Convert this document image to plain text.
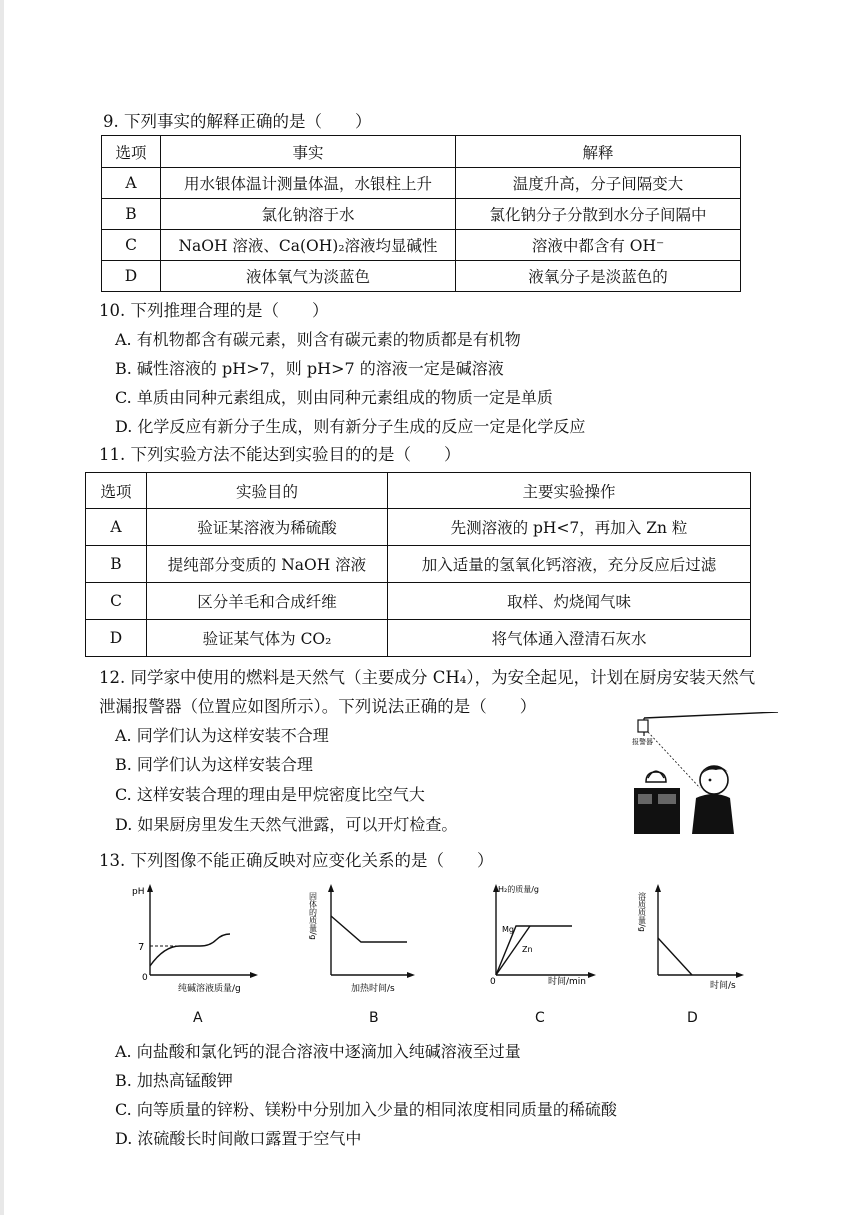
9. 下列事实的解释正确的是（　　）
选项	事实	解释
A	用水银体温计测量体温，水银柱上升	温度升高，分子间隔变大
B	氯化钠溶于水	氯化钠分子分散到水分子间隔中
C	NaOH 溶液、Ca(OH)₂溶液均显碱性	溶液中都含有 OH⁻
D	液体氧气为淡蓝色	液氧分子是淡蓝色的
10. 下列推理合理的是（　　）
A. 有机物都含有碳元素，则含有碳元素的物质都是有机物
B. 碱性溶液的 pH>7，则 pH>7 的溶液一定是碱溶液
C. 单质由同种元素组成，则由同种元素组成的物质一定是单质
D. 化学反应有新分子生成，则有新分子生成的反应一定是化学反应
11. 下列实验方法不能达到实验目的的是（　　）
选项	实验目的	主要实验操作
A	验证某溶液为稀硫酸	先测溶液的 pH<7，再加入 Zn 粒
B	提纯部分变质的 NaOH 溶液	加入适量的氢氧化钙溶液，充分反应后过滤
C	区分羊毛和合成纤维	取样、灼烧闻气味
D	验证某气体为 CO₂	将气体通入澄清石灰水
12. 同学家中使用的燃料是天然气（主要成分 CH₄），为安全起见，计划在厨房安装天然气
泄漏报警器（位置应如图所示）。下列说法正确的是（　　）
A. 同学们认为这样安装不合理
B. 同学们认为这样安装合理
C. 这样安装合理的理由是甲烷密度比空气大
D. 如果厨房里发生天然气泄露，可以开灯检查。
报警器
13. 下列图像不能正确反映对应变化关系的是（　　）
pH
7
0
纯碱溶液质量/g
A
固体的质量/g
加热时间/s
B
H₂的质量/g
0
Mg
Zn
时间/min
C
溶质质量/g
时间/s
D
A. 向盐酸和氯化钙的混合溶液中逐滴加入纯碱溶液至过量
B. 加热高锰酸钾
C. 向等质量的锌粉、镁粉中分别加入少量的相同浓度相同质量的稀硫酸
D. 浓硫酸长时间敞口露置于空气中
